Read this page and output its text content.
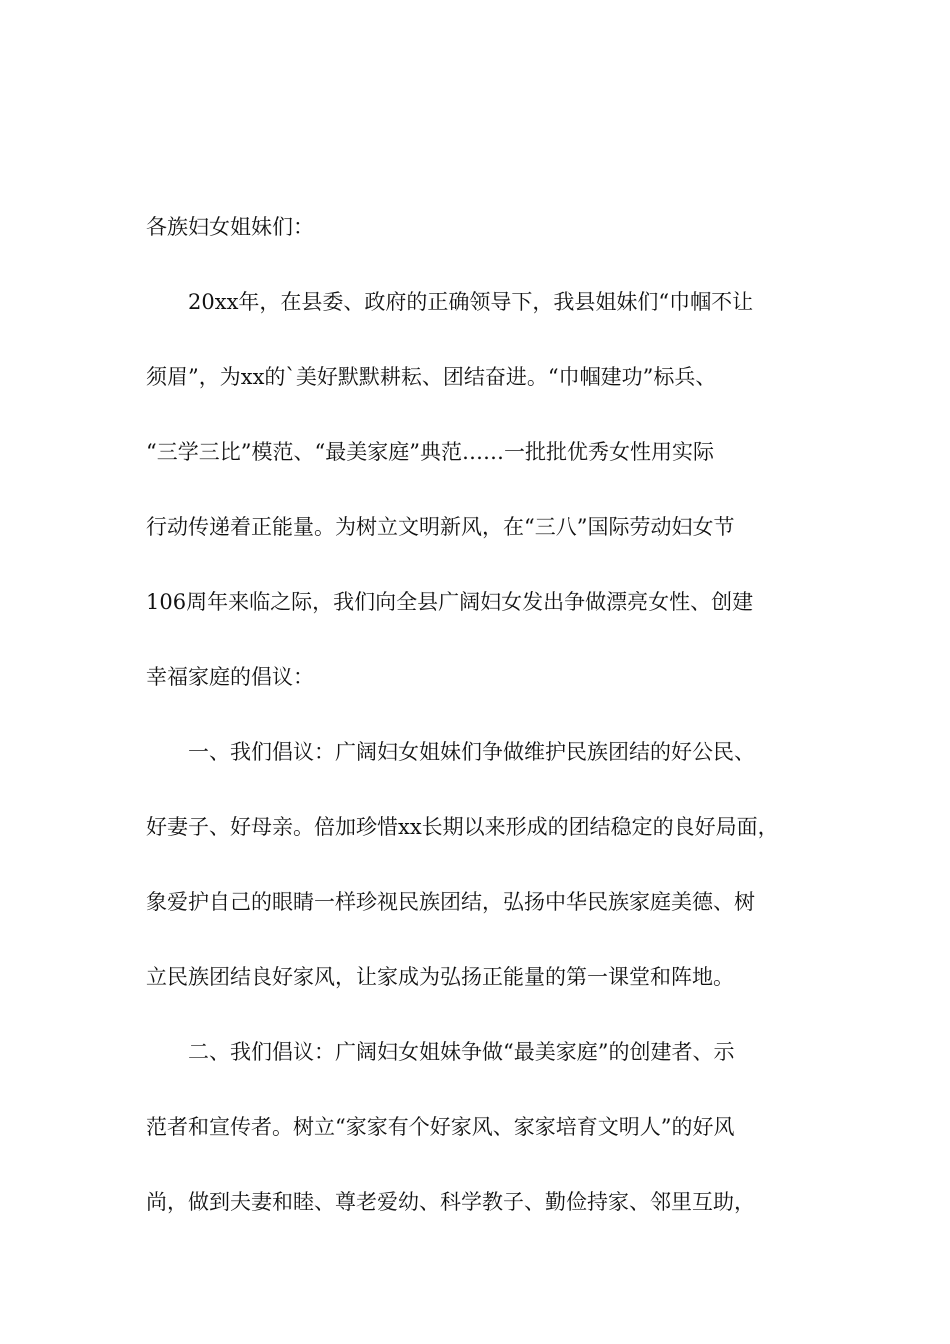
各族妇女姐妹们：
20xx年，在县委、政府的正确领导下，我县姐妹们“巾帼不让
须眉”，为xx的`美好默默耕耘、团结奋进。“巾帼建功”标兵、
“三学三比”模范、“最美家庭”典范……一批批优秀女性用实际
行动传递着正能量。为树立文明新风，在“三八”国际劳动妇女节
106周年来临之际，我们向全县广阔妇女发出争做漂亮女性、创建
幸福家庭的倡议：
一、我们倡议：广阔妇女姐妹们争做维护民族团结的好公民、
好妻子、好母亲。倍加珍惜xx长期以来形成的团结稳定的良好局面，
象爱护自己的眼睛一样珍视民族团结，弘扬中华民族家庭美德、树
立民族团结良好家风，让家成为弘扬正能量的第一课堂和阵地。
二、我们倡议：广阔妇女姐妹争做“最美家庭”的创建者、示
范者和宣传者。树立“家家有个好家风、家家培育文明人”的好风
尚，做到夫妻和睦、尊老爱幼、科学教子、勤俭持家、邻里互助，
